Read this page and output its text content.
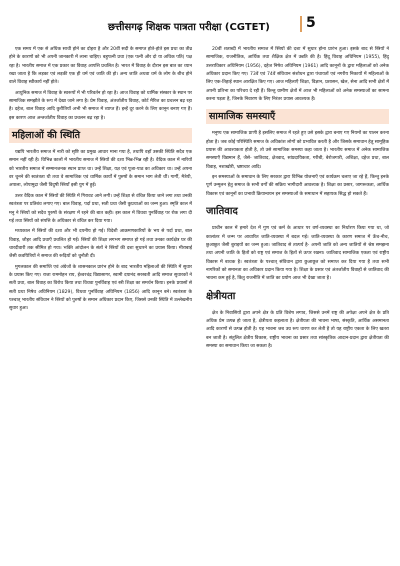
छत्तीसगढ़ शिक्षक पात्रता परीक्षा (CGTET)	5

एक समय में एक से अधिक साथी होने का दोहरा है और 20वीं सदी के समाप्त होते-होते इस प्रथा का तीव्र होने के कारणों को भी अपनी जानकारी में लाना चाहिए। बहुपत्नी प्रथा (एक पत्नी और दो या अधिक पति) पक्ष रहा है। भारतीय समाज में एक प्रकार का विवाह आपत्ति प्रचलित है। भारत में विवाह के दौरान इस बात का ध्यान रखा जाता है कि लड़का एवं लड़की एक ही धर्म एवं जाति की हो। अन्य जाति अथवा धर्म के लोग के बीच होने वाले विवाह स्वीकार्य नहीं होते।

आधुनिक समाज में विवाह के स्वरूपों में भी परिवर्तन हो रहा है। आज विवाह को धार्मिक संस्कार के स्थान पर सामाजिक समझौते के रूप में देखा जाने लगा है। प्रेम विवाह, अंतर्जातीय विवाह, कोर्ट मैरिज का प्रचलन बढ़ रहा है। दहेज, बाल विवाह आदि कुरीतियाँ अभी भी समाज में व्याप्त हैं। इन्हें दूर करने के लिए कानून बनाए गए हैं। इस कारण आज अन्तर्जातीय विवाह का प्रचलन बढ़ रहा है।

महिलाओं की स्थिति

यद्यपि भारतीय समाज में नारी को सृष्टि का प्रमुख आधार माना गया है, तथापि वहाँ उसकी स्थिति सदैव एक समान नहीं रही है। विभिन्न कालों में भारतीय समाज में स्त्रियों की दशा भिन्न-भिन्न रही है। वैदिक काल में नारियों को भारतीय समाज में सम्मानजनक स्थान प्राप्त था। उन्हें शिक्षा, यज्ञ एवं पूजा-पाठ का अधिकार था। उन्हें अपना वर चुनने की स्वतंत्रता थी तथा वे सामाजिक एवं धार्मिक कार्यों में पुरुषों के समान भाग लेती थीं। गार्गी, मैत्रेयी, अपाला, लोपामुद्रा जैसी विदुषी स्त्रियाँ इसी युग में हुईं।

उत्तर वैदिक काल में स्त्रियों की स्थिति में गिरावट आने लगी। उन्हें शिक्षा से वंचित किया जाने लगा तथा उनकी स्वतंत्रता पर प्रतिबंध लगाए गए। बाल विवाह, पर्दा प्रथा, सती प्रथा जैसी कुप्रथाओं का जन्म हुआ। स्मृति काल में मनु ने स्त्रियों को सदैव पुरुषों के संरक्षण में रहने की बात कही। इस काल में विधवा पुनर्विवाह पर रोक लगा दी गई तथा स्त्रियों को संपत्ति के अधिकार से वंचित कर दिया गया।

मध्यकाल में स्त्रियों की दशा और भी दयनीय हो गई। विदेशी आक्रमणकारियों के भय से पर्दा प्रथा, बाल विवाह, जौहर आदि प्रथाएँ प्रचलित हो गईं। स्त्रियों की शिक्षा लगभग समाप्त हो गई तथा उनका कार्यक्षेत्र घर की चारदीवारी तक सीमित हो गया। भक्ति आंदोलन के संतों ने स्त्रियों की दशा सुधारने का प्रयास किया। मीराबाई जैसी कवयित्रियों ने समाज की रूढ़ियों को चुनौती दी।

मुगलकाल की समाप्ति एवं अंग्रेजों के शासनकाल प्रारंभ होने के बाद भारतीय महिलाओं की स्थिति में सुधार के प्रयास किए गए। राजा राममोहन राय, ईश्वरचंद्र विद्यासागर, स्वामी दयानंद सरस्वती आदि समाज सुधारकों ने सती प्रथा, बाल विवाह का विरोध किया तथा विधवा पुनर्विवाह एवं स्त्री शिक्षा का समर्थन किया। इनके प्रयासों से सती प्रथा निषेध अधिनियम (1829), विधवा पुनर्विवाह अधिनियम (1856) आदि कानून बने। स्वतंत्रता के पश्चात् भारतीय संविधान ने स्त्रियों को पुरुषों के समान अधिकार प्रदान किए, जिससे उनकी स्थिति में उल्लेखनीय सुधार हुआ।

20वीं शताब्दी में भारतीय समाज में स्त्रियों की दशा में सुधार होना प्रारंभ हुआ। इसके बाद से स्त्रियों ने सामाजिक, राजनीतिक, आर्थिक तथा शैक्षिक क्षेत्र में उन्नति की है। हिंदू विवाह अधिनियम (1955), हिंदू उत्तराधिकार अधिनियम (1956), दहेज निषेध अधिनियम (1961) आदि कानूनों के द्वारा महिलाओं को अनेक अधिकार प्रदान किए गए। 73वें एवं 74वें संविधान संशोधन द्वारा पंचायतों एवं नगरीय निकायों में महिलाओं के लिए एक-तिहाई स्थान आरक्षित किए गए। आज महिलाएँ शिक्षा, विज्ञान, प्रशासन, खेल, सेना आदि सभी क्षेत्रों में अपनी प्रतिभा का परिचय दे रही हैं। किन्तु ग्रामीण क्षेत्रों में आज भी महिलाओं को अनेक समस्याओं का सामना करना पड़ता है, जिनके निवारण के लिए निरंतर प्रयास आवश्यक हैं।

सामाजिक समस्याएँ

मनुष्य एक सामाजिक प्राणी है इसलिए समाज में रहते हुए उसे इसके द्वारा बनाए गए नियमों का पालन करना होता है। जब कोई परिस्थिति समाज के अधिकांश लोगों को प्रभावित करती है और जिसके समाधान हेतु सामूहिक प्रयास की आवश्यकता होती है, तो उसे सामाजिक समस्या कहा जाता है। भारतीय समाज में अनेक सामाजिक समस्याएँ विद्यमान हैं, जैसे- जातिवाद, क्षेत्रवाद, सांप्रदायिकता, गरीबी, बेरोजगारी, अशिक्षा, दहेज प्रथा, बाल विवाह, नशाखोरी, भ्रष्टाचार आदि।

इन समस्याओं के समाधान के लिए सरकार द्वारा विभिन्न योजनाएँ एवं कार्यक्रम चलाए जा रहे हैं, किन्तु इनके पूर्ण उन्मूलन हेतु समाज के सभी वर्गों की सक्रिय भागीदारी आवश्यक है। शिक्षा का प्रसार, जागरूकता, आर्थिक विकास एवं कानूनों का प्रभावी क्रियान्वयन इन समस्याओं के समाधान में सहायक सिद्ध हो सकते हैं।

जातिवाद

प्राचीन काल में हमारे देश में गुण एवं कर्म के आधार पर वर्ण-व्यवस्था का निर्धारण किया गया था, जो कालांतर में जन्म पर आधारित जाति-व्यवस्था में बदल गई। जाति-व्यवस्था के कारण समाज में ऊँच-नीच, छुआछूत जैसी बुराइयों का जन्म हुआ। जातिवाद से तात्पर्य है- अपनी जाति को अन्य जातियों से श्रेष्ठ समझना तथा अपनी जाति के हितों को राष्ट्र एवं समाज के हितों से ऊपर रखना। जातिवाद सामाजिक एकता एवं राष्ट्रीय विकास में बाधक है। स्वतंत्रता के पश्चात् संविधान द्वारा छुआछूत को समाप्त कर दिया गया है तथा सभी नागरिकों को समानता का अधिकार प्रदान किया गया है। शिक्षा के प्रसार एवं अंतर्जातीय विवाहों से जातिवाद की भावना कम हुई है, किंतु राजनीति में जाति का प्रयोग आज भी देखा जाता है।

क्षेत्रीयता

क्षेत्र के निवासियों द्वारा अपने क्षेत्र के प्रति विशेष लगाव, जिससे उनमें राष्ट्र की अपेक्षा अपने क्षेत्र के प्रति अधिक प्रेम उत्पन्न हो जाता है, क्षेत्रीयता कहलाता है। क्षेत्रीयता की भावना भाषा, संस्कृति, आर्थिक असमानता आदि कारणों से उत्पन्न होती है। यह भावना जब उग्र रूप धारण कर लेती है तो यह राष्ट्रीय एकता के लिए खतरा बन जाती है। संतुलित क्षेत्रीय विकास, राष्ट्रीय भावना का प्रसार तथा सांस्कृतिक आदान-प्रदान द्वारा क्षेत्रीयता की समस्या का समाधान किया जा सकता है।
